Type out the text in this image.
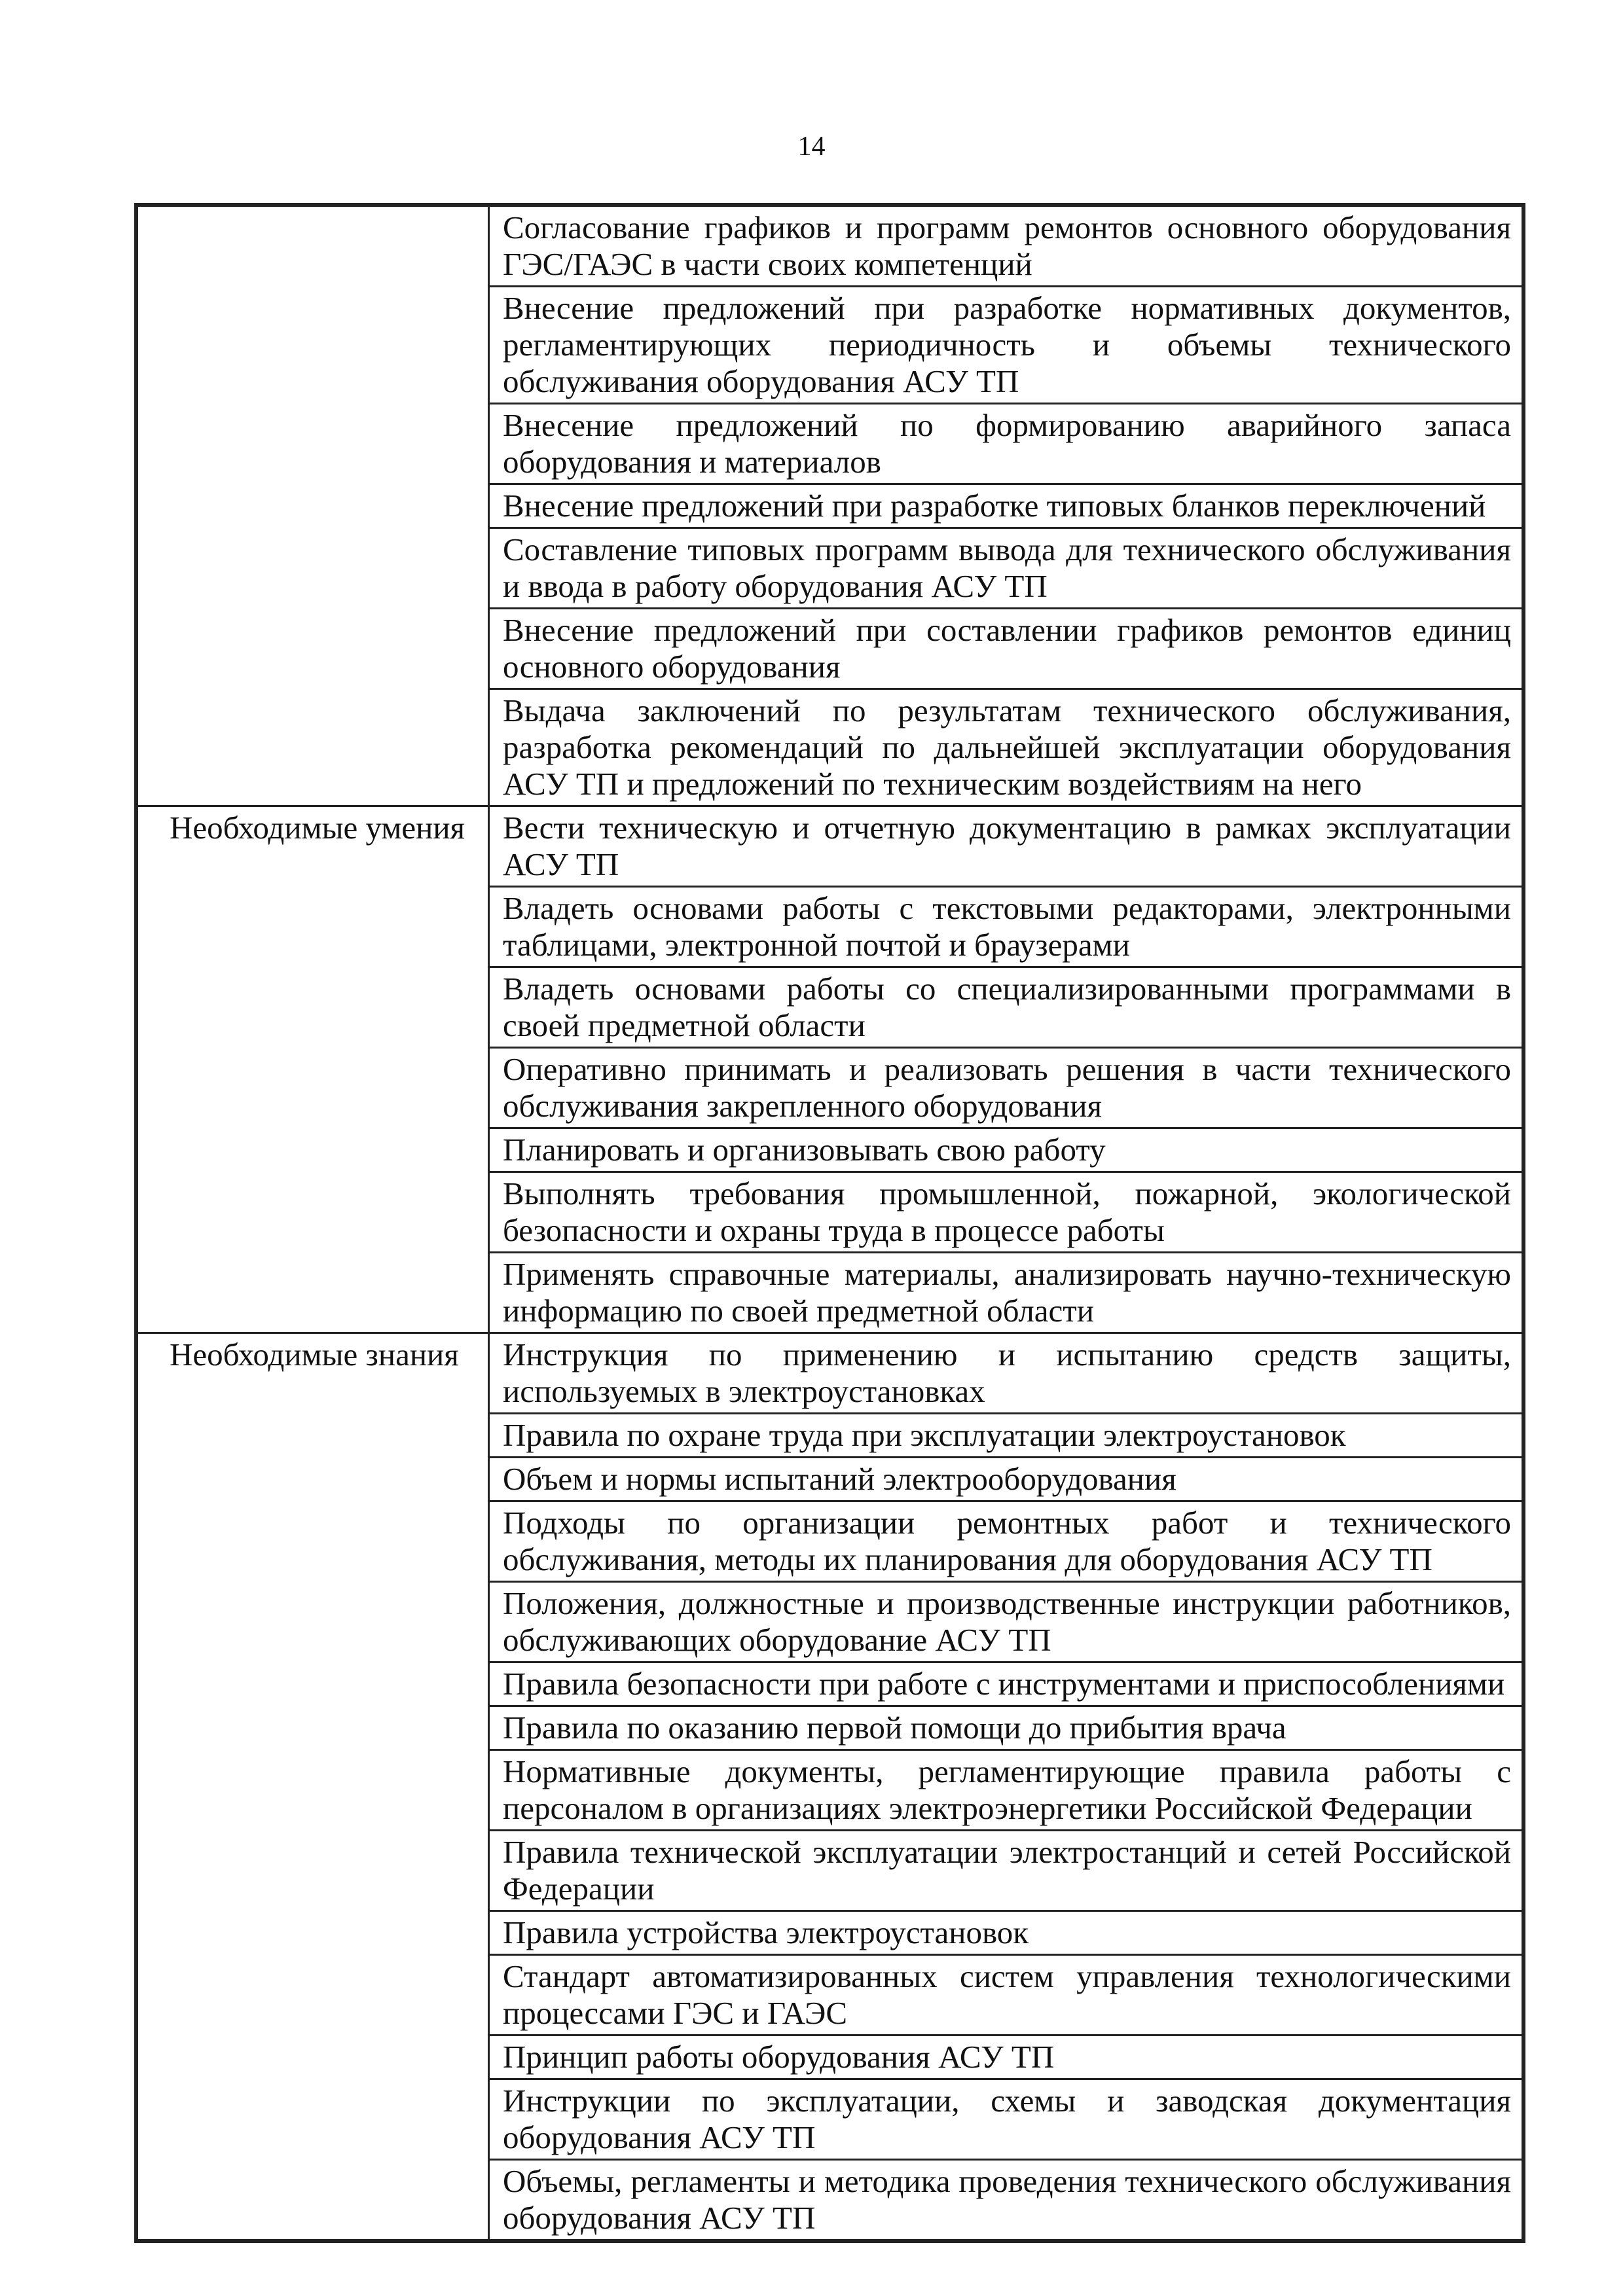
14
	Согласование графиков и программ ремонтов основного оборудования ГЭС/ГАЭС в части своих компетенций
	Внесение предложений при разработке нормативных документов, регламентирующих периодичность и объемы технического обслуживания оборудования АСУ ТП
	Внесение предложений по формированию аварийного запаса оборудования и материалов
	Внесение предложений при разработке типовых бланков переключений
	Составление типовых программ вывода для технического обслуживания и ввода в работу оборудования АСУ ТП
	Внесение предложений при составлении графиков ремонтов единиц основного оборудования
	Выдача заключений по результатам технического обслуживания, разработка рекомендаций по дальнейшей эксплуатации оборудования АСУ ТП и предложений по техническим воздействиям на него
Необходимые умения	Вести техническую и отчетную документацию в рамках эксплуатации АСУ ТП
	Владеть основами работы с текстовыми редакторами, электронными таблицами, электронной почтой и браузерами
	Владеть основами работы со специализированными программами в своей предметной области
	Оперативно принимать и реализовать решения в части технического обслуживания закрепленного оборудования
	Планировать и организовывать свою работу
	Выполнять требования промышленной, пожарной, экологической безопасности и охраны труда в процессе работы
	Применять справочные материалы, анализировать научно-техническую информацию по своей предметной области
Необходимые знания	Инструкция по применению и испытанию средств защиты, используемых в электроустановках
	Правила по охране труда при эксплуатации электроустановок
	Объем и нормы испытаний электрооборудования
	Подходы по организации ремонтных работ и технического обслуживания, методы их планирования для оборудования АСУ ТП
	Положения, должностные и производственные инструкции работников, обслуживающих оборудование АСУ ТП
	Правила безопасности при работе с инструментами и приспособлениями
	Правила по оказанию первой помощи до прибытия врача
	Нормативные документы, регламентирующие правила работы с персоналом в организациях электроэнергетики Российской Федерации
	Правила технической эксплуатации электростанций и сетей Российской Федерации
	Правила устройства электроустановок
	Стандарт автоматизированных систем управления технологическими процессами ГЭС и ГАЭС
	Принцип работы оборудования АСУ ТП
	Инструкции по эксплуатации, схемы и заводская документация оборудования АСУ ТП
	Объемы, регламенты и методика проведения технического обслуживания оборудования АСУ ТП
